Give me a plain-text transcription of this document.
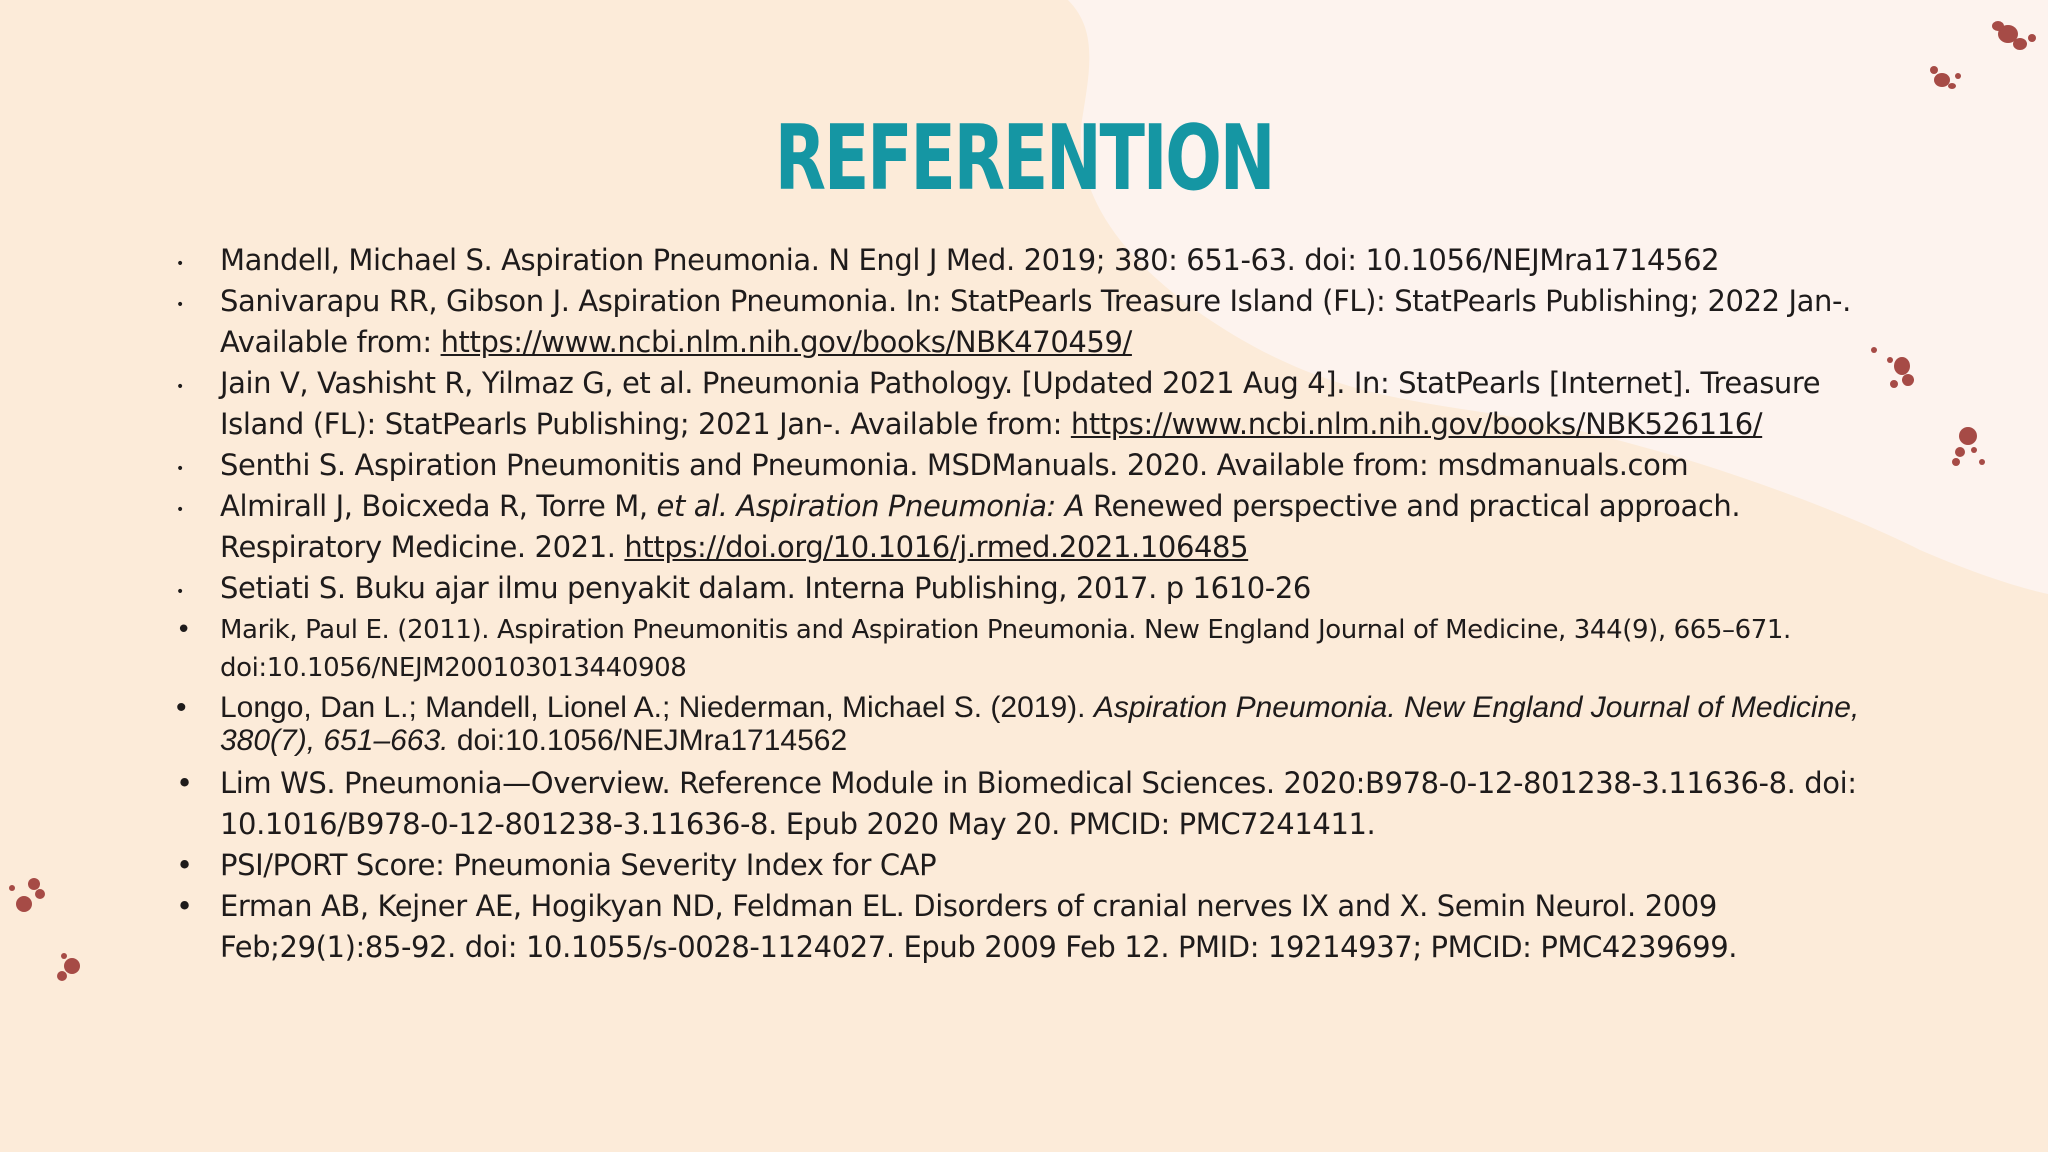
REFERENTION
• Mandell, Michael S. Aspiration Pneumonia. N Engl J Med. 2019; 380: 651-63. doi: 10.1056/NEJMra1714562
• Sanivarapu RR, Gibson J. Aspiration Pneumonia. In: StatPearls Treasure Island (FL): StatPearls Publishing; 2022 Jan-. Available from: https://www.ncbi.nlm.nih.gov/books/NBK470459/
• Jain V, Vashisht R, Yilmaz G, et al. Pneumonia Pathology. [Updated 2021 Aug 4]. In: StatPearls [Internet]. Treasure Island (FL): StatPearls Publishing; 2021 Jan-. Available from: https://www.ncbi.nlm.nih.gov/books/NBK526116/
• Senthi S. Aspiration Pneumonitis and Pneumonia. MSDManuals. 2020. Available from: msdmanuals.com
• Almirall J, Boicxeda R, Torre M, et al. Aspiration Pneumonia: A Renewed perspective and practical approach. Respiratory Medicine. 2021. https://doi.org/10.1016/j.rmed.2021.106485
• Setiati S. Buku ajar ilmu penyakit dalam. Interna Publishing, 2017. p 1610-26
• Marik, Paul E. (2011). Aspiration Pneumonitis and Aspiration Pneumonia. New England Journal of Medicine, 344(9), 665–671. doi:10.1056/NEJM200103013440908
• Longo, Dan L.; Mandell, Lionel A.; Niederman, Michael S. (2019). Aspiration Pneumonia. New England Journal of Medicine, 380(7), 651–663. doi:10.1056/NEJMra1714562
• Lim WS. Pneumonia—Overview. Reference Module in Biomedical Sciences. 2020:B978-0-12-801238-3.11636-8. doi: 10.1016/B978-0-12-801238-3.11636-8. Epub 2020 May 20. PMCID: PMC7241411.
• PSI/PORT Score: Pneumonia Severity Index for CAP
• Erman AB, Kejner AE, Hogikyan ND, Feldman EL. Disorders of cranial nerves IX and X. Semin Neurol. 2009 Feb;29(1):85-92. doi: 10.1055/s-0028-1124027. Epub 2009 Feb 12. PMID: 19214937; PMCID: PMC4239699.
